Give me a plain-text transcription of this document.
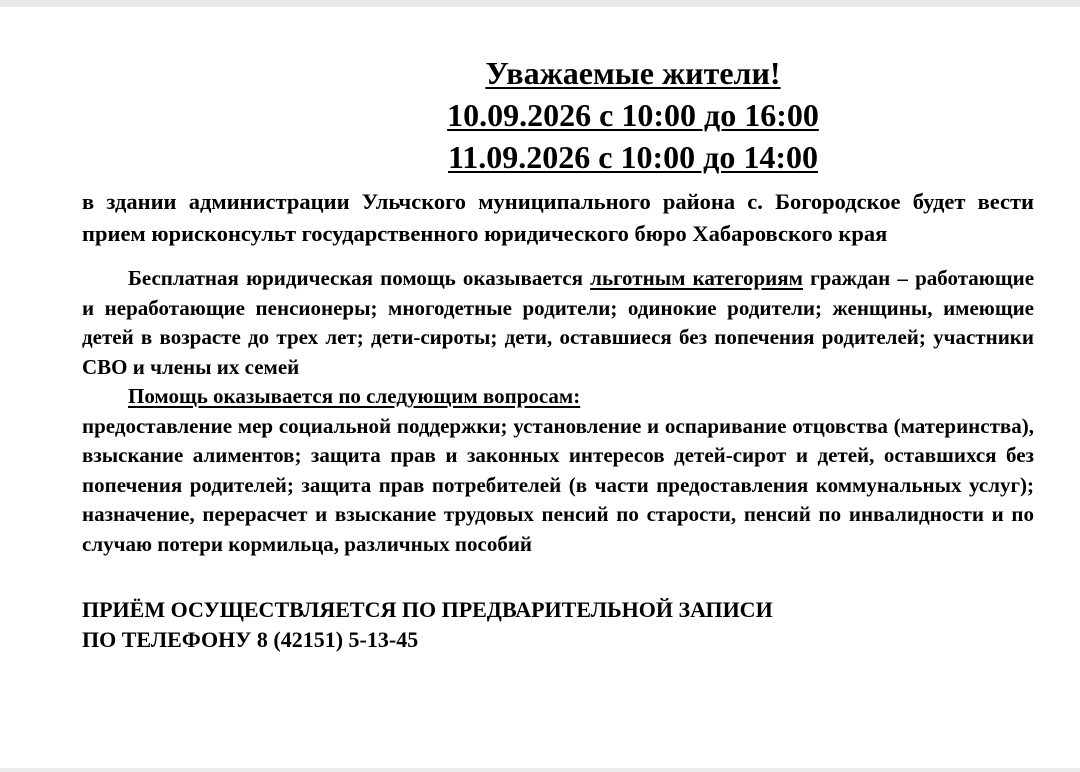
Уважаемые жители!
10.09.2026 с 10:00 до 16:00
11.09.2026 с 10:00 до 14:00

в здании администрации Ульчского муниципального района с. Богородское будет вести прием юрисконсульт государственного юридического бюро Хабаровского края

Бесплатная юридическая помощь оказывается льготным категориям граждан – работающие и неработающие пенсионеры; многодетные родители; одинокие родители; женщины, имеющие детей в возрасте до трех лет; дети-сироты; дети, оставшиеся без попечения родителей; участники СВО и члены их семей

Помощь оказывается по следующим вопросам:

предоставление мер социальной поддержки; установление и оспаривание отцовства (материнства), взыскание алиментов; защита прав и законных интересов детей-сирот и детей, оставшихся без попечения родителей; защита прав потребителей (в части предоставления коммунальных услуг); назначение, перерасчет и взыскание трудовых пенсий по старости, пенсий по инвалидности и по случаю потери кормильца, различных пособий

ПРИЁМ ОСУЩЕСТВЛЯЕТСЯ ПО ПРЕДВАРИТЕЛЬНОЙ ЗАПИСИ
ПО ТЕЛЕФОНУ 8 (42151) 5-13-45
